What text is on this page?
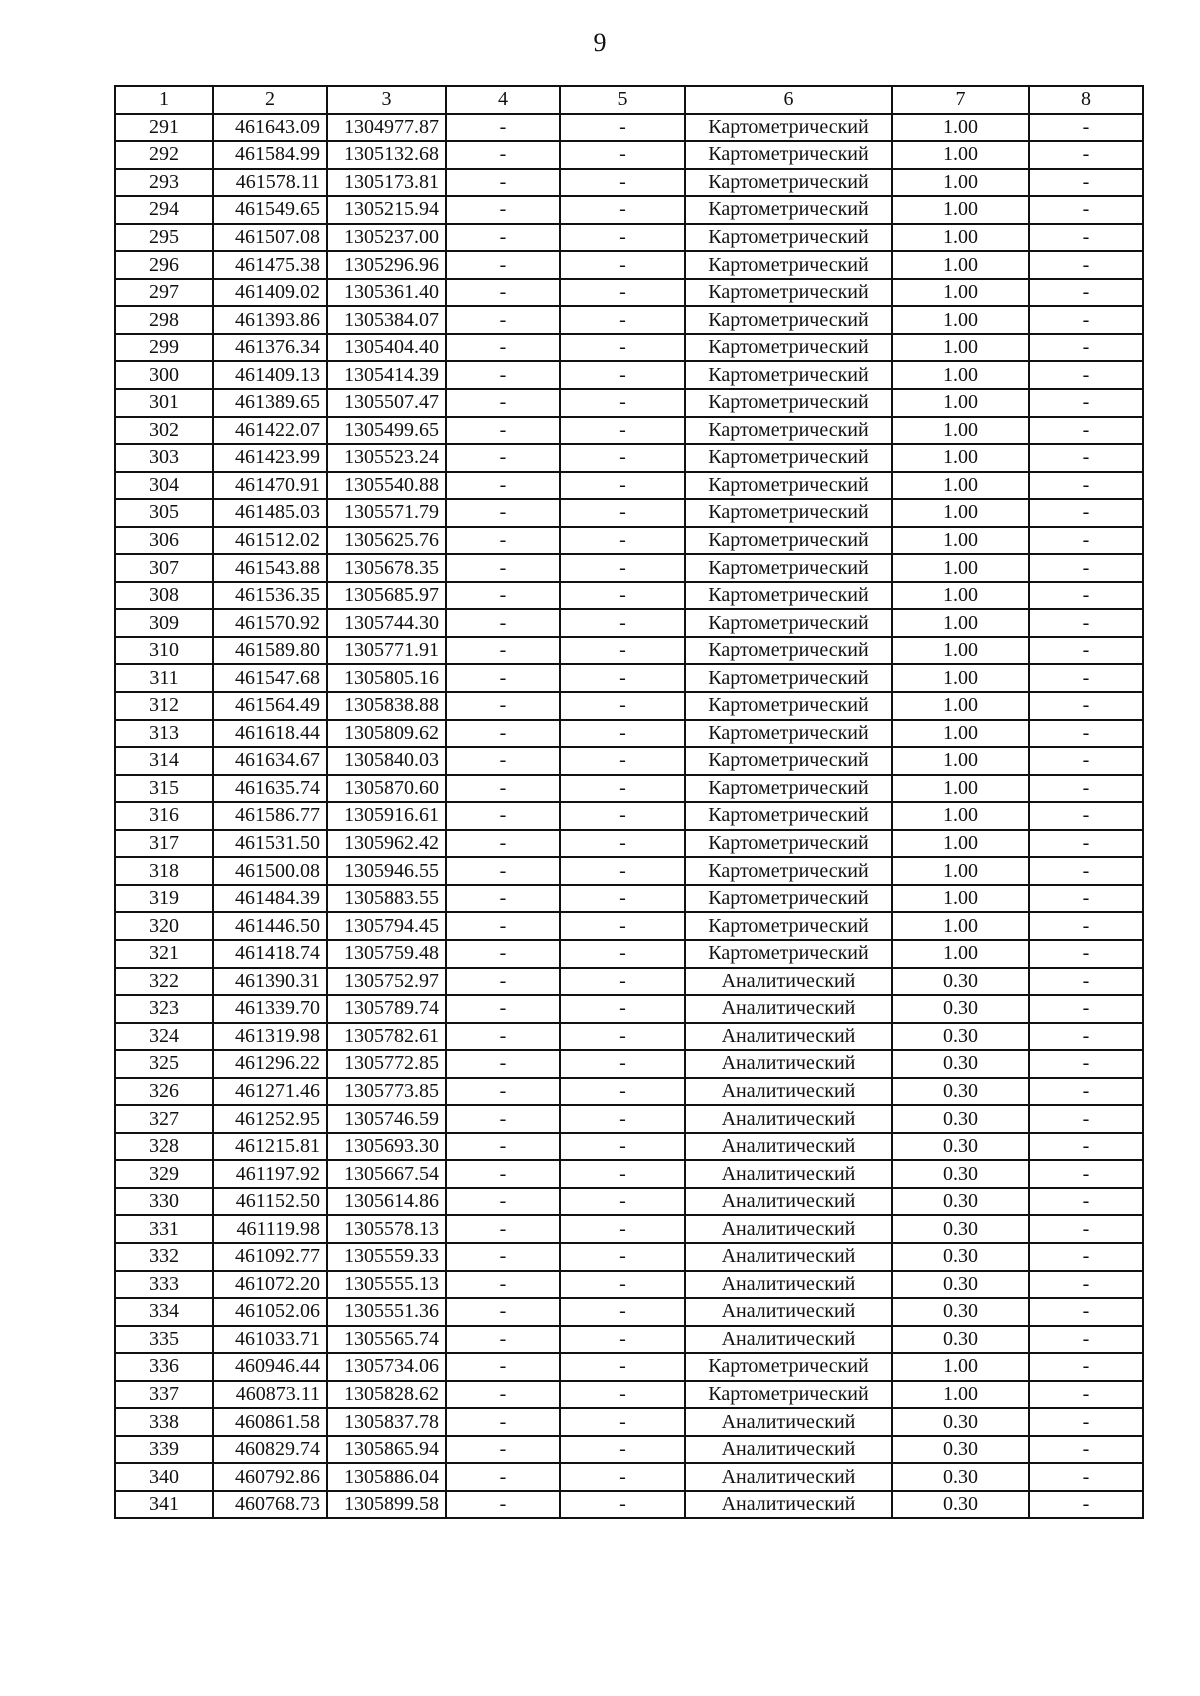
9
1	2	3	4	5	6	7	8
291	461643.09	1304977.87	-	-	Картометрический	1.00	-
292	461584.99	1305132.68	-	-	Картометрический	1.00	-
293	461578.11	1305173.81	-	-	Картометрический	1.00	-
294	461549.65	1305215.94	-	-	Картометрический	1.00	-
295	461507.08	1305237.00	-	-	Картометрический	1.00	-
296	461475.38	1305296.96	-	-	Картометрический	1.00	-
297	461409.02	1305361.40	-	-	Картометрический	1.00	-
298	461393.86	1305384.07	-	-	Картометрический	1.00	-
299	461376.34	1305404.40	-	-	Картометрический	1.00	-
300	461409.13	1305414.39	-	-	Картометрический	1.00	-
301	461389.65	1305507.47	-	-	Картометрический	1.00	-
302	461422.07	1305499.65	-	-	Картометрический	1.00	-
303	461423.99	1305523.24	-	-	Картометрический	1.00	-
304	461470.91	1305540.88	-	-	Картометрический	1.00	-
305	461485.03	1305571.79	-	-	Картометрический	1.00	-
306	461512.02	1305625.76	-	-	Картометрический	1.00	-
307	461543.88	1305678.35	-	-	Картометрический	1.00	-
308	461536.35	1305685.97	-	-	Картометрический	1.00	-
309	461570.92	1305744.30	-	-	Картометрический	1.00	-
310	461589.80	1305771.91	-	-	Картометрический	1.00	-
311	461547.68	1305805.16	-	-	Картометрический	1.00	-
312	461564.49	1305838.88	-	-	Картометрический	1.00	-
313	461618.44	1305809.62	-	-	Картометрический	1.00	-
314	461634.67	1305840.03	-	-	Картометрический	1.00	-
315	461635.74	1305870.60	-	-	Картометрический	1.00	-
316	461586.77	1305916.61	-	-	Картометрический	1.00	-
317	461531.50	1305962.42	-	-	Картометрический	1.00	-
318	461500.08	1305946.55	-	-	Картометрический	1.00	-
319	461484.39	1305883.55	-	-	Картометрический	1.00	-
320	461446.50	1305794.45	-	-	Картометрический	1.00	-
321	461418.74	1305759.48	-	-	Картометрический	1.00	-
322	461390.31	1305752.97	-	-	Аналитический	0.30	-
323	461339.70	1305789.74	-	-	Аналитический	0.30	-
324	461319.98	1305782.61	-	-	Аналитический	0.30	-
325	461296.22	1305772.85	-	-	Аналитический	0.30	-
326	461271.46	1305773.85	-	-	Аналитический	0.30	-
327	461252.95	1305746.59	-	-	Аналитический	0.30	-
328	461215.81	1305693.30	-	-	Аналитический	0.30	-
329	461197.92	1305667.54	-	-	Аналитический	0.30	-
330	461152.50	1305614.86	-	-	Аналитический	0.30	-
331	461119.98	1305578.13	-	-	Аналитический	0.30	-
332	461092.77	1305559.33	-	-	Аналитический	0.30	-
333	461072.20	1305555.13	-	-	Аналитический	0.30	-
334	461052.06	1305551.36	-	-	Аналитический	0.30	-
335	461033.71	1305565.74	-	-	Аналитический	0.30	-
336	460946.44	1305734.06	-	-	Картометрический	1.00	-
337	460873.11	1305828.62	-	-	Картометрический	1.00	-
338	460861.58	1305837.78	-	-	Аналитический	0.30	-
339	460829.74	1305865.94	-	-	Аналитический	0.30	-
340	460792.86	1305886.04	-	-	Аналитический	0.30	-
341	460768.73	1305899.58	-	-	Аналитический	0.30	-
